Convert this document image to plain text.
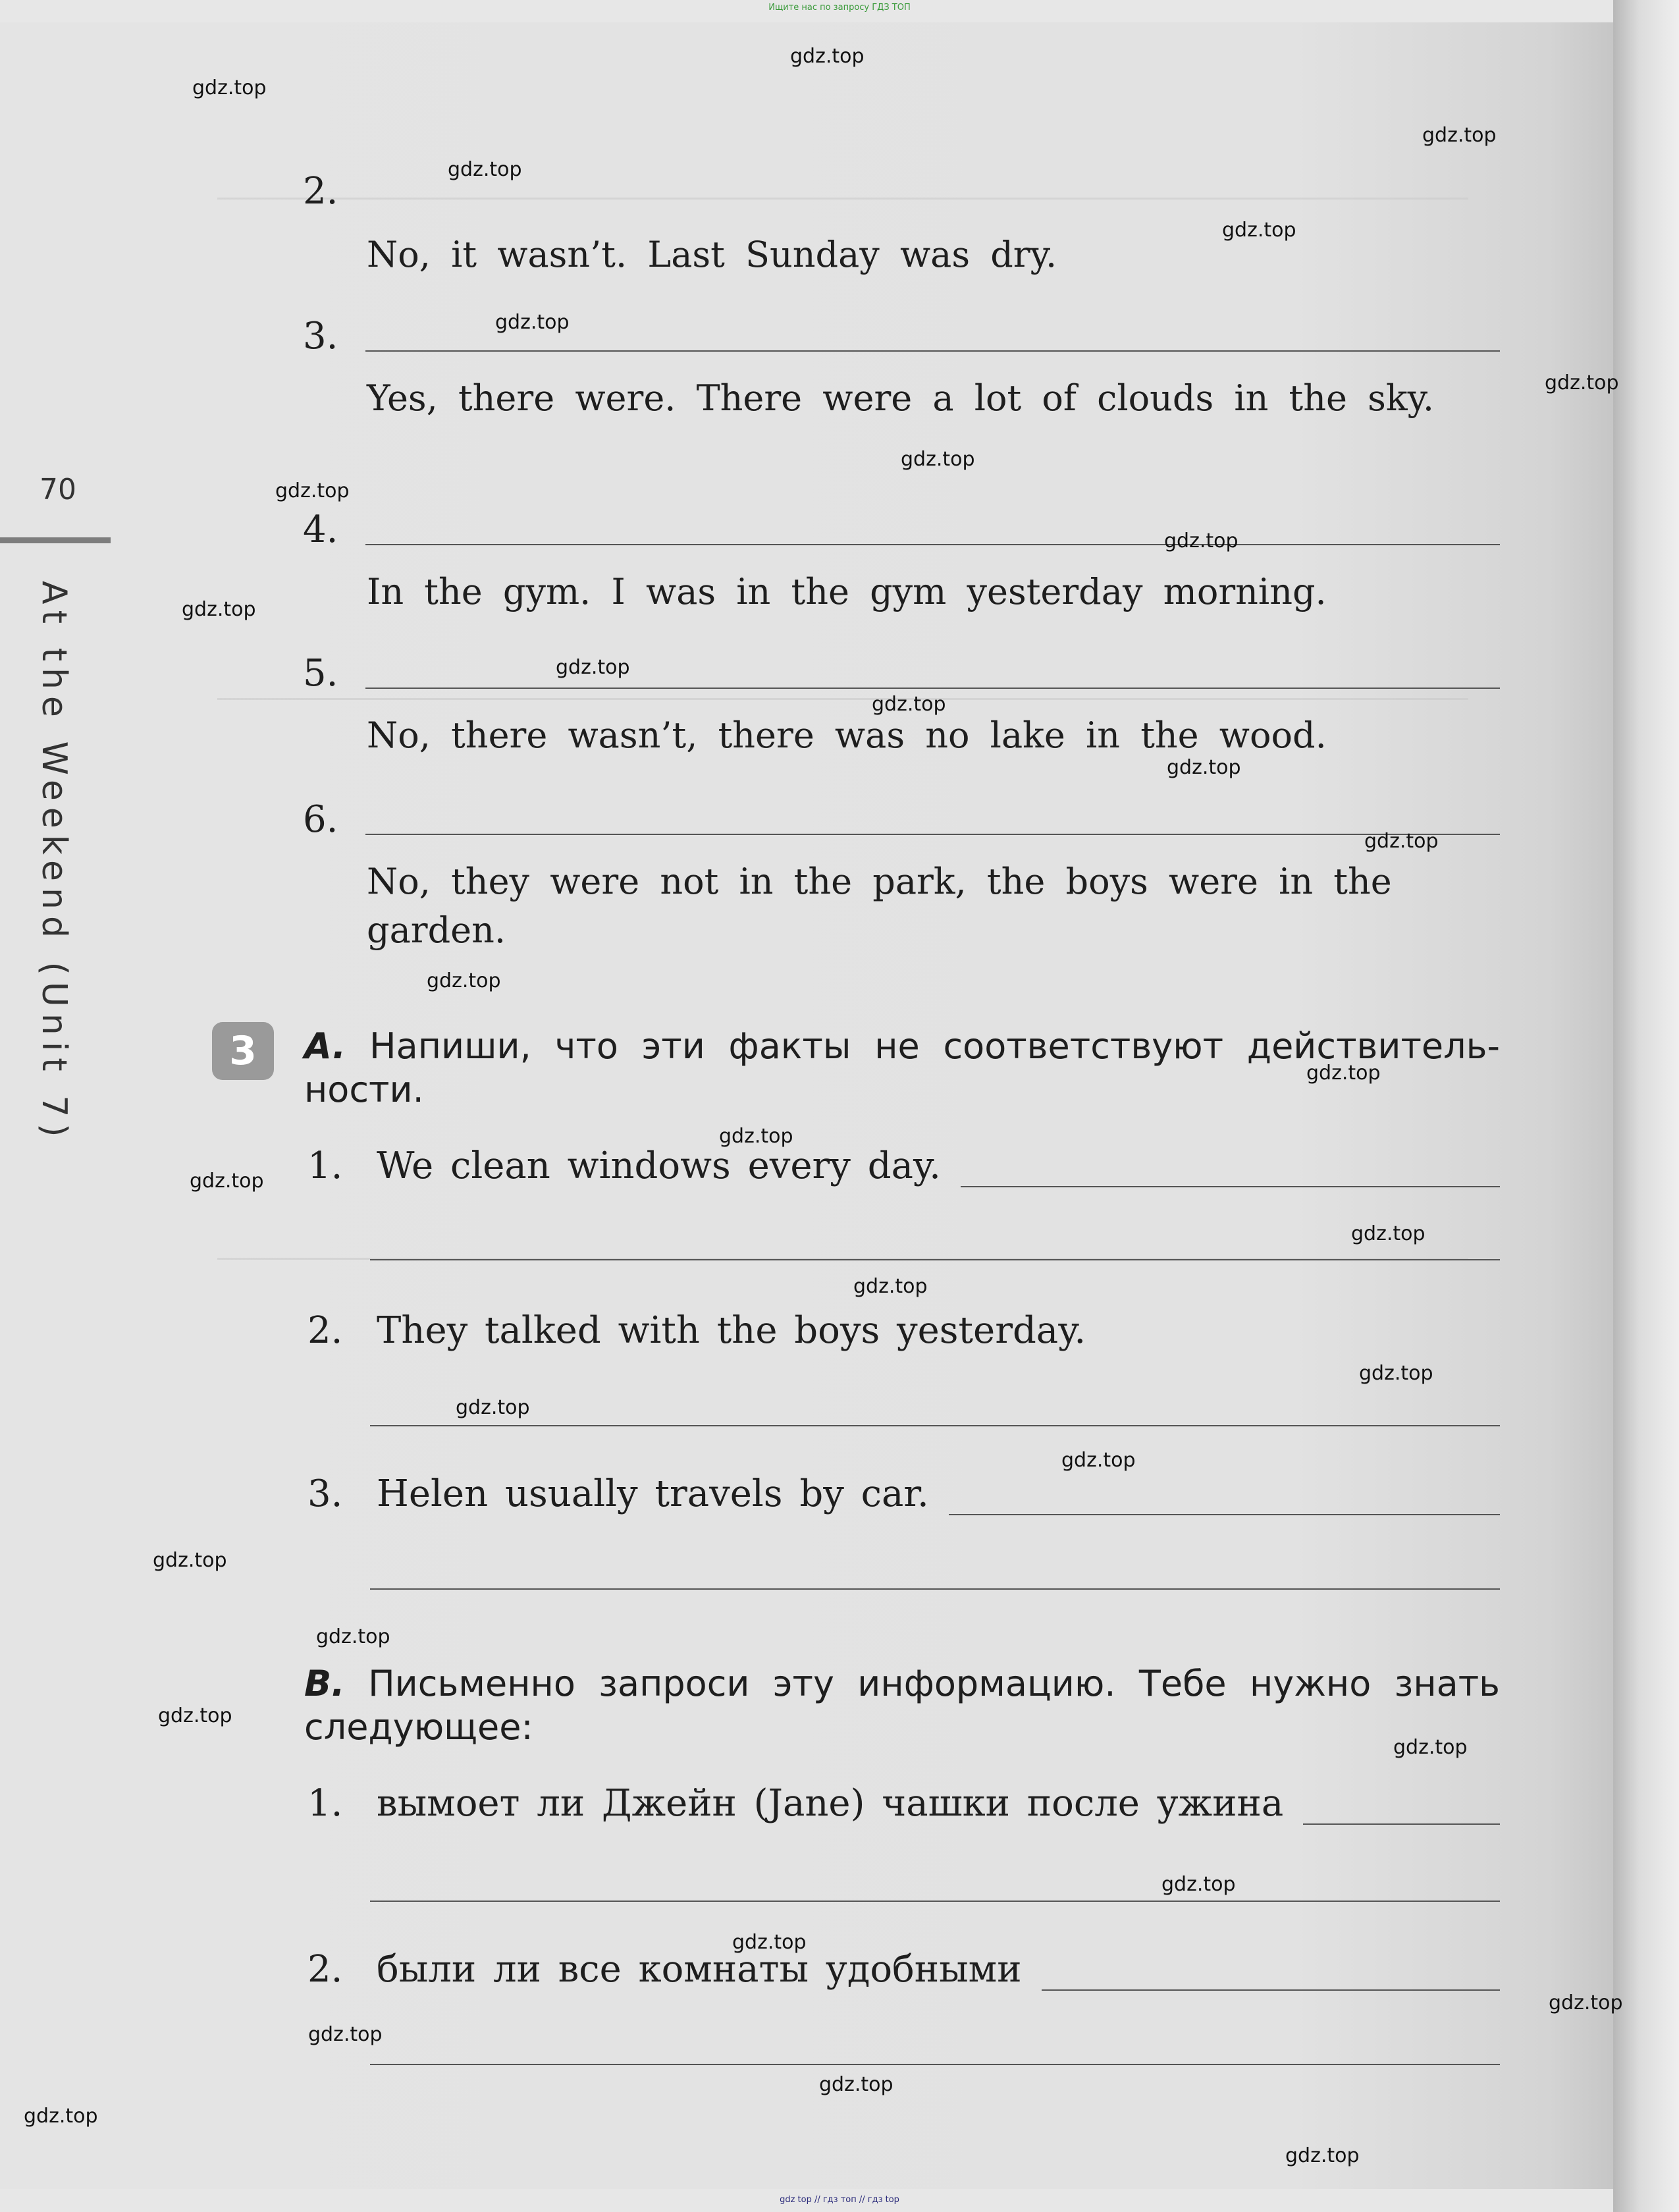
Ищите нас по запросу ГДЗ ТОП
gdz top // гдз топ // гдз top
70
At the Weekend (Unit 7)
2.
No, it wasn’t. Last Sunday was dry.
3.
Yes, there were. There were a lot of clouds in the sky.
4.
In the gym. I was in the gym yesterday morning.
5.
No, there wasn’t, there was no lake in the wood.
6.
No, they were not in the park, the boys were in the garden.
3	A. Напиши, что эти факты не соответствуют действительности.
1. We clean windows every day.
2. They talked with the boys yesterday.
3. Helen usually travels by car.
B. Письменно запроси эту информацию. Тебе нужно знать следующее:
1. вымоет ли Джейн (Jane) чашки после ужина
2. были ли все комнаты удобными
gdz.top
gdz.top
gdz.top
gdz.top
gdz.top
gdz.top
gdz.top
gdz.top
gdz.top
gdz.top
gdz.top
gdz.top
gdz.top
gdz.top
gdz.top
gdz.top
gdz.top
gdz.top
gdz.top
gdz.top
gdz.top
gdz.top
gdz.top
gdz.top
gdz.top
gdz.top
gdz.top
gdz.top
gdz.top
gdz.top
gdz.top
gdz.top
gdz.top
gdz.top
gdz.top
